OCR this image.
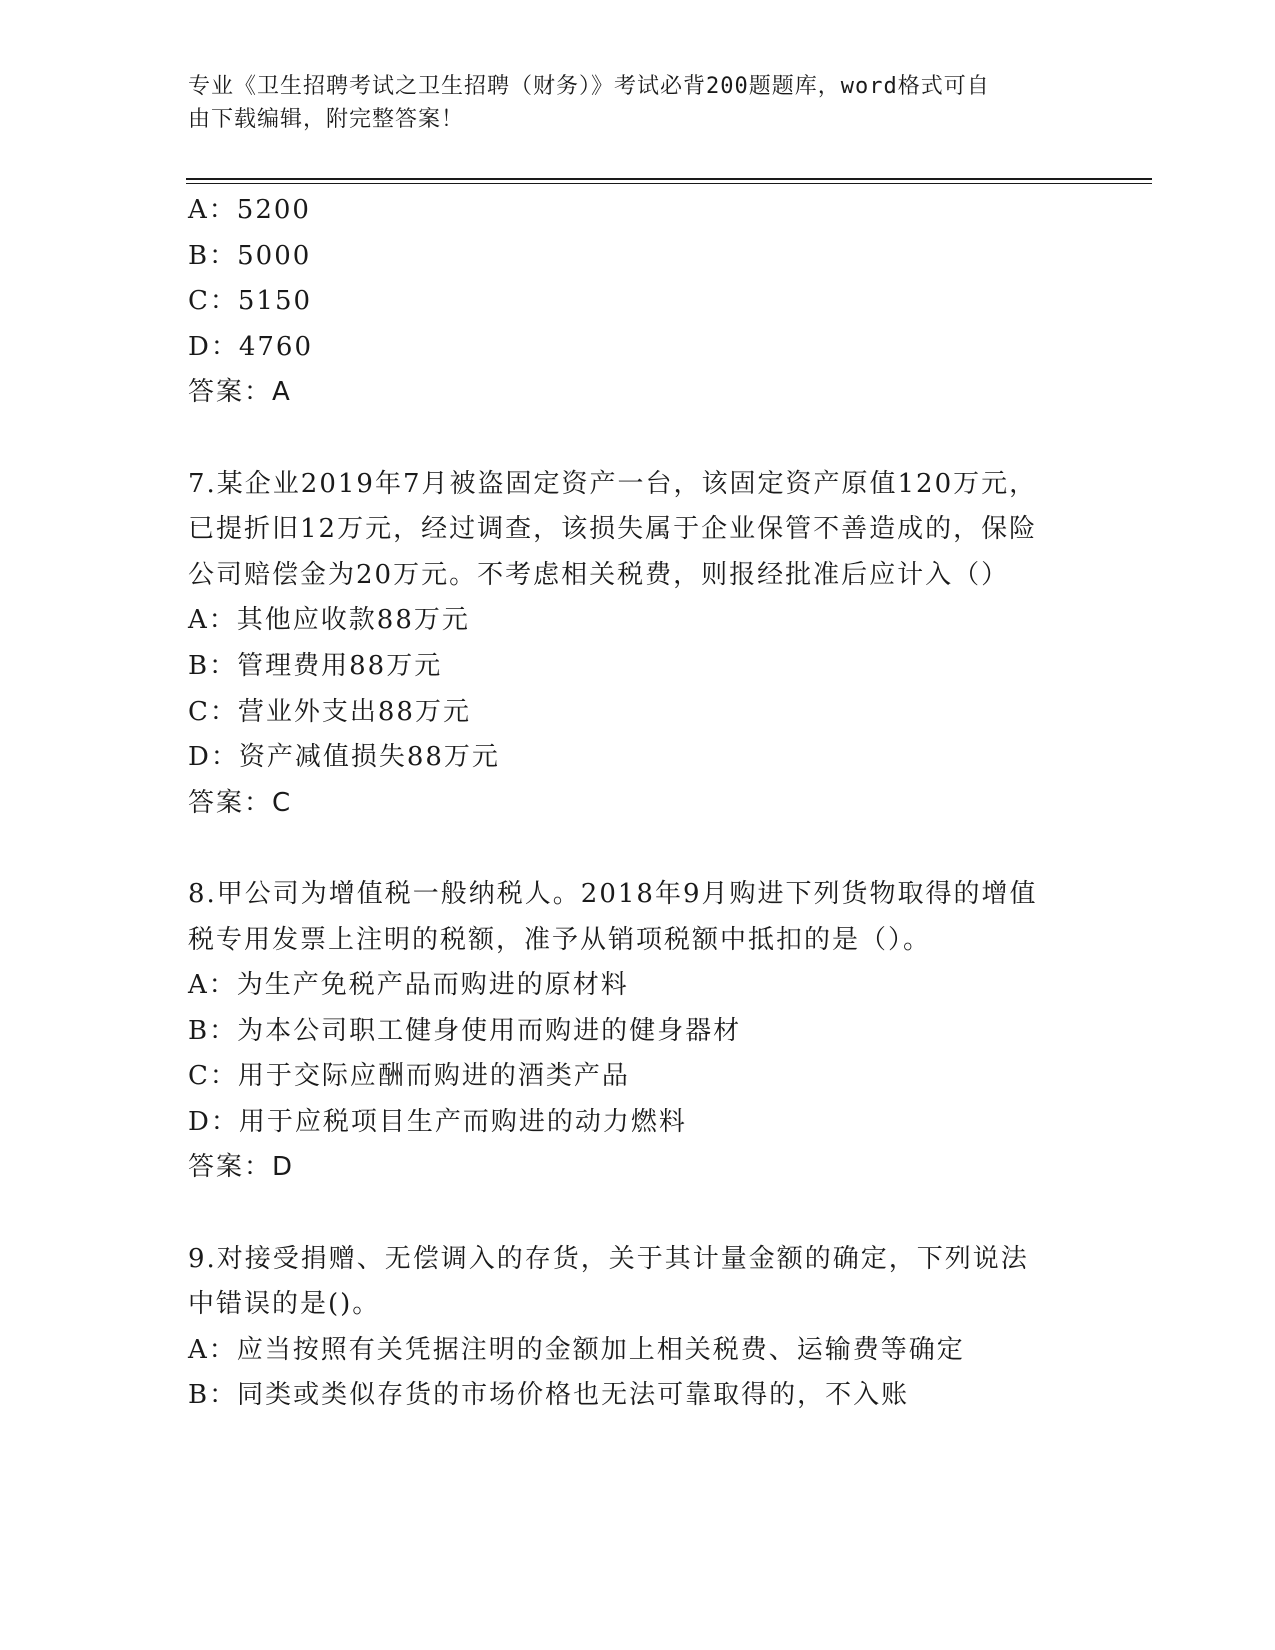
专业《卫生招聘考试之卫生招聘（财务）》考试必背200题题库，word格式可自
由下载编辑，附完整答案！
A：5200
B：5000
C：5150
D：4760
答案：A
7.某企业2019年7月被盗固定资产一台，该固定资产原值120万元，
已提折旧12万元，经过调查，该损失属于企业保管不善造成的，保险
公司赔偿金为20万元。不考虑相关税费，则报经批准后应计入（）
A：其他应收款88万元
B：管理费用88万元
C：营业外支出88万元
D：资产减值损失88万元
答案：C
8.甲公司为增值税一般纳税人。2018年9月购进下列货物取得的增值
税专用发票上注明的税额，准予从销项税额中抵扣的是（）。
A：为生产免税产品而购进的原材料
B：为本公司职工健身使用而购进的健身器材
C：用于交际应酬而购进的酒类产品
D：用于应税项目生产而购进的动力燃料
答案：D
9.对接受捐赠、无偿调入的存货，关于其计量金额的确定，下列说法
中错误的是()。
A：应当按照有关凭据注明的金额加上相关税费、运输费等确定
B：同类或类似存货的市场价格也无法可靠取得的，不入账
